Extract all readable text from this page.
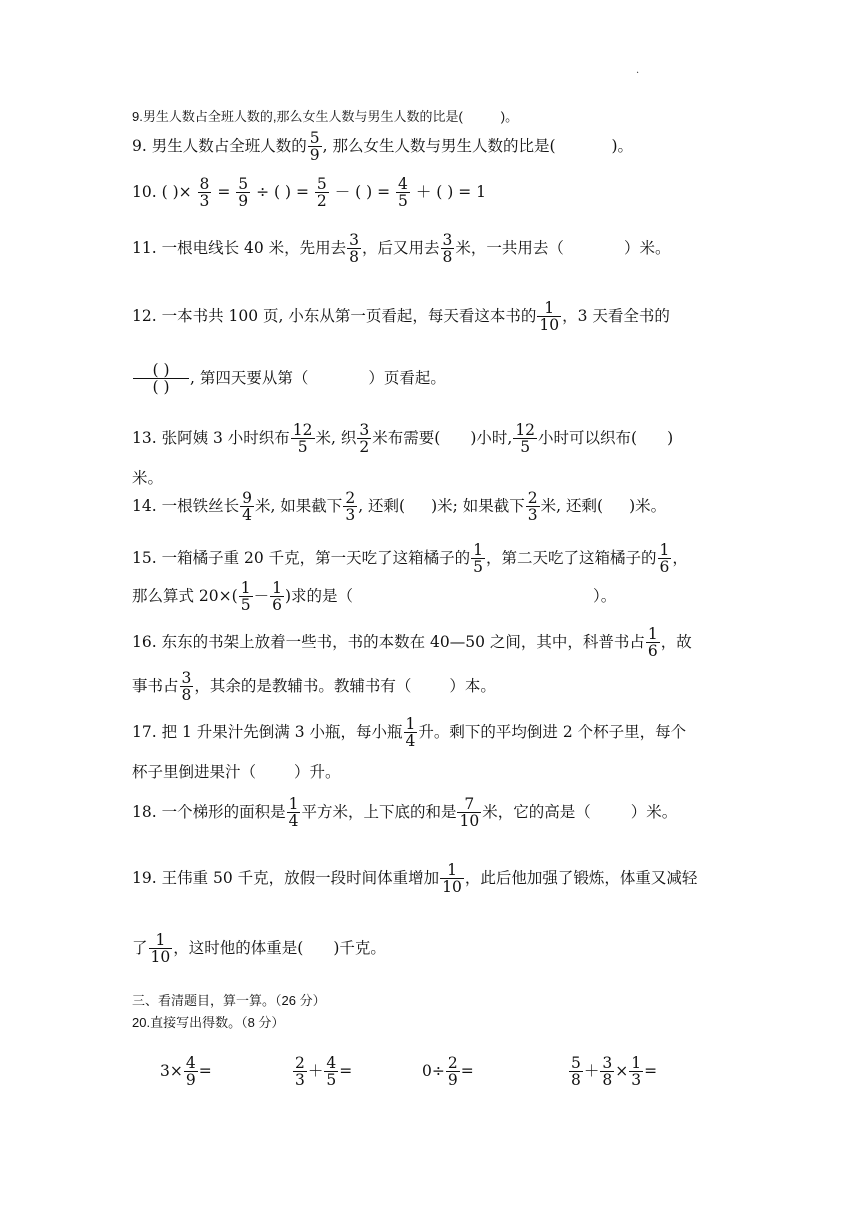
·
9.男生人数占全班人数的,那么女生人数与男生人数的比是(	)。
9. 男生人数占全班人数的 $\frac{5}{9}$ , 那么女生人数与男生人数的比是(	)。
10. ( )× $\frac{8}{3} = \frac{5}{9}$ ÷ ( ) = $\frac{5}{2}$ － ( ) = $\frac{4}{5}$ ＋ ( ) = 1
11. 一根电线长 40 米，先用去 $\frac{3}{8}$ ，后又用去 $\frac{3}{8}$ 米，一共用去（	）米。
12. 一本书共 100 页, 小东从第一页看起，每天看这本书的 $\frac{1}{10}$ ，3 天看全书的
$\frac{( )}{( )}$ , 第四天要从第（	）页看起。
13. 张阿姨 3 小时织布 $\frac{12}{5}$ 米, 织 $\frac{3}{2}$ 米布需要( )小时, $\frac{12}{5}$ 小时可以织布( )
米。
14. 一根铁丝长 $\frac{9}{4}$ 米, 如果截下 $\frac{2}{3}$ , 还剩( )米; 如果截下 $\frac{2}{3}$ 米, 还剩( )米。
15. 一箱橘子重 20 千克，第一天吃了这箱橘子的 $\frac{1}{5}$ ，第二天吃了这箱橘子的 $\frac{1}{6}$ ，
那么算式 $20\times( \frac{1}{5} - \frac{1}{6}$ )求的是（	）。
16. 东东的书架上放着一些书，书的本数在 40—50 之间，其中，科普书占 $\frac{1}{6}$ ，故
事书占 $\frac{3}{8}$ ，其余的是教辅书。教辅书有（ ）本。
17. 把 1 升果汁先倒满 3 小瓶，每小瓶 $\frac{1}{4}$ 升。剩下的平均倒进 2 个杯子里，每个
杯子里倒进果汁（ ）升。
18. 一个梯形的面积是 $\frac{1}{4}$ 平方米，上下底的和是 $\frac{7}{10}$ 米，它的高是（	）米。
19. 王伟重 50 千克，放假一段时间体重增加 $\frac{1}{10}$ ，此后他加强了锻炼，体重又减轻
了 $\frac{1}{10}$ ，这时他的体重是( )千克。
三、看清题目，算一算。（26 分）
20.直接写出得数。（8 分）
$3\times \frac{4}{9}$ =	$\frac{2}{3} + \frac{4}{5}$ =	$0\div \frac{2}{9}$ =	$\frac{5}{8} + \frac{3}{8} \times \frac{1}{3}$ =
